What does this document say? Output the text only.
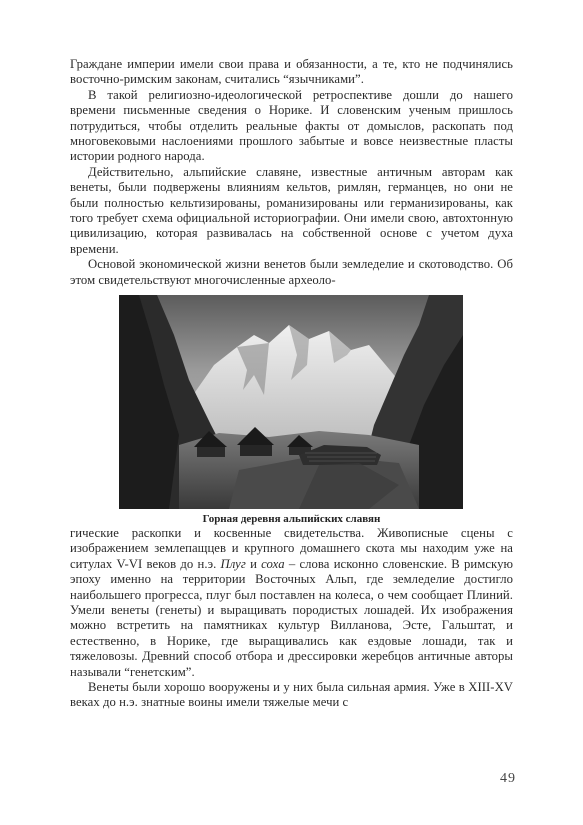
Граждане империи имели свои права и обязанности, а те, кто не подчинялись восточно-римским законам, считались “язычниками”.

В такой религиозно-идеологической ретроспективе дошли до нашего времени письменные сведения о Норике. И словенским ученым пришлось потрудиться, чтобы отделить реальные факты от домыслов, раскопать под многовековыми наслоениями прошлого забытые и вовсе неизвестные пласты истории родного народа.

Действительно, альпийские славяне, известные античным авторам как венеты, были подвержены влияниям кельтов, римлян, германцев, но они не были полностью кельтизированы, романизированы или германизированы, как того требует схема официальной историографии. Они имели свою, автохтонную цивилизацию, которая развивалась на собственной основе с учетом духа времени.

Основой экономической жизни венетов были земледелие и скотоводство. Об этом свидетельствуют многочисленные археоло-

Горная деревня альпийских славян

гические раскопки и косвенные свидетельства. Живописные сцены с изображением землепащцев и крупного домашнего скота мы находим уже на ситулах V-VI веков до н.э. Плуг и соха – слова исконно словенские. В римскую эпоху именно на территории Восточных Альп, где земледелие достигло наибольшего прогресса, плуг был поставлен на колеса, о чем сообщает Плиний. Умели венеты (генеты) и выращивать породистых лошадей. Их изображения можно встретить на памятниках культур Вилланова, Эсте, Гальштат, и естественно, в Норике, где выращивались как ездовые лошади, так и тяжеловозы. Древний способ отбора и дрессировки жеребцов античные авторы называли “генетским”.

Венеты были хорошо вооружены и у них была сильная армия. Уже в XIII-XV веках до н.э. знатные воины имели тяжелые мечи с

49
